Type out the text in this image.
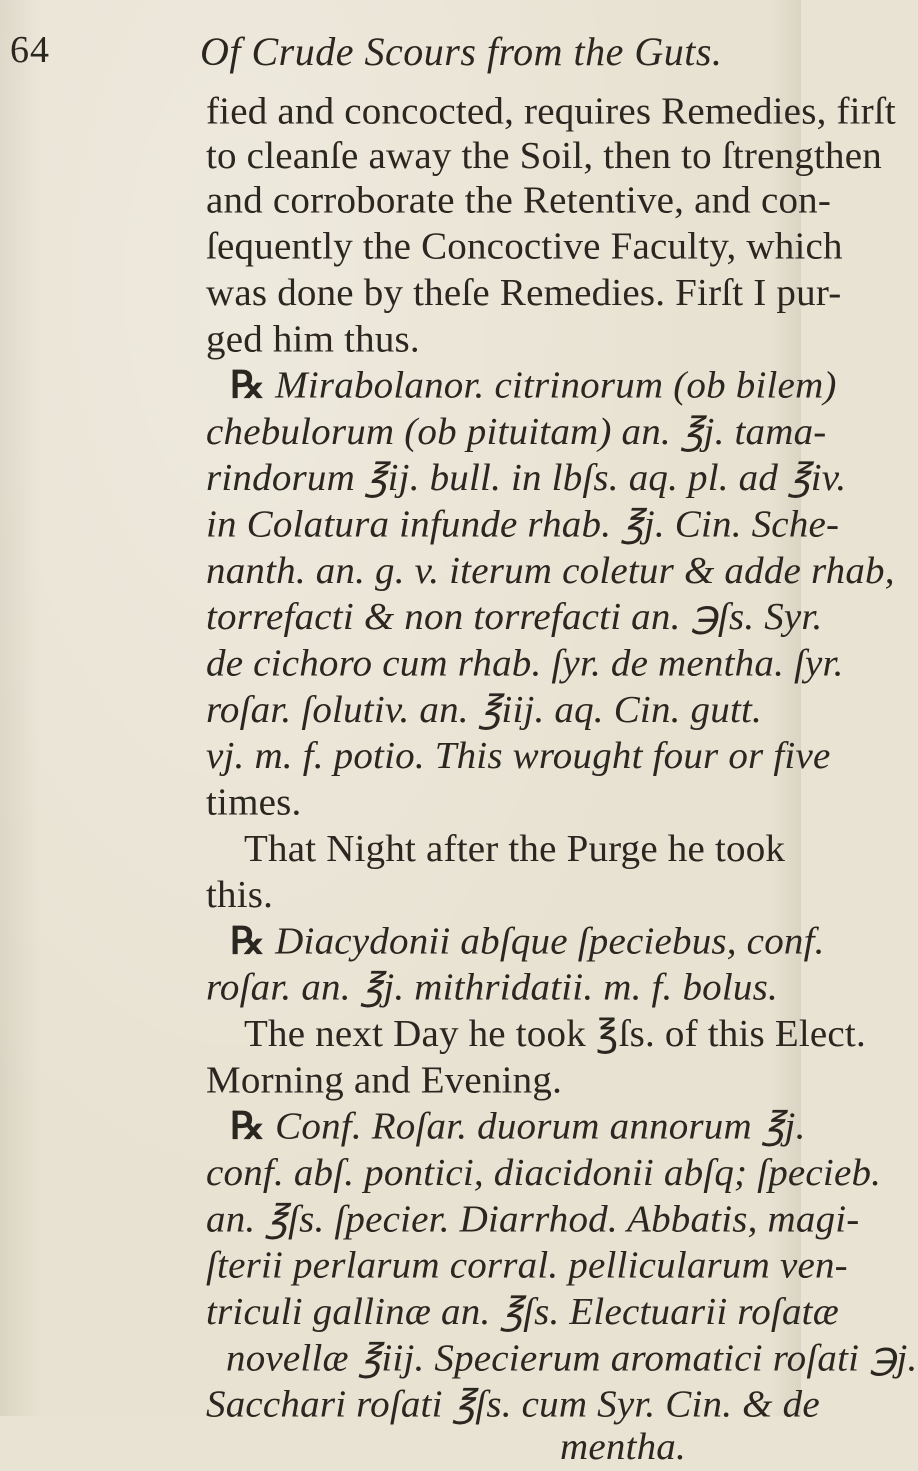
64	Of Crude Scours from the Guts.
fied and concocted, requires Remedies, firſt
to cleanſe away the Soil, then to ſtrengthen
and corroborate the Retentive, and con-
ſequently the Concoctive Faculty, which
was done by theſe Remedies. Firſt I pur-
ged him thus.
℞ Mirabolanor. citrinorum (ob bilem)
chebulorum (ob pituitam) an. ℥j. tama-
rindorum ℥ij. bull. in lbſs. aq. pl. ad ℥iv.
in Colatura infunde rhab. ℥j. Cin. Sche-
nanth. an. g. v. iterum coletur & adde rhab,
torrefacti & non torrefacti an. ℈ſs. Syr.
de cichoro cum rhab. ſyr. de mentha. ſyr.
roſar. ſolutiv. an. ℥iij. aq. Cin. gutt.
vj. m. f. potio. This wrought four or five
times.
That Night after the Purge he took
this.
℞ Diacydonii abſque ſpeciebus, conf.
roſar. an. ℥j. mithridatii. m. f. bolus.
The next Day he took ℥ſs. of this Elect.
Morning and Evening.
℞ Conf. Roſar. duorum annorum ℥j.
conf. abſ. pontici, diacidonii abſq; ſpecieb.
an. ℥ſs. ſpecier. Diarrhod. Abbatis, magi-
ſterii perlarum corral. pellicularum ven-
triculi gallinæ an. ℥ſs. Electuarii roſatæ
novellæ ℥iij. Specierum aromatici roſati ℈j.
Sacchari roſati ℥ſs. cum Syr. Cin. & de
mentha.
